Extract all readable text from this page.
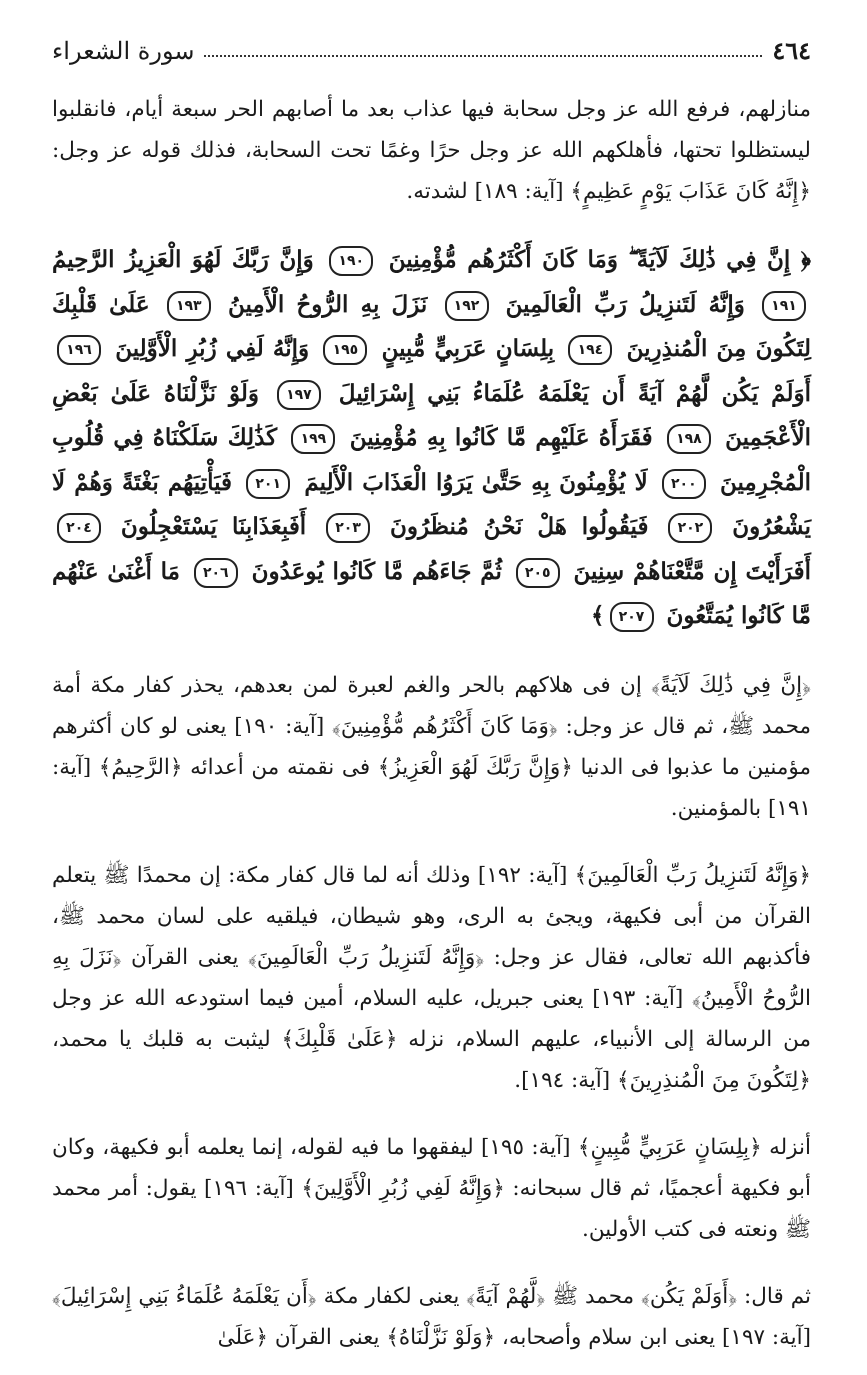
٤٦٤
سورة الشعراء

منازلهم، فرفع الله عز وجل سحابة فيها عذاب بعد ما أصابهم الحر سبعة أيام، فانقلبوا ليستظلوا تحتها، فأهلكهم الله عز وجل حرًا وغمًا تحت السحابة، فذلك قوله عز وجل: ﴿إِنَّهُ كَانَ عَذَابَ يَوْمٍ عَظِيمٍ﴾ [آية: ١٨٩] لشدته.

﴿ إِنَّ فِي ذَٰلِكَ لَآيَةً ۖ وَمَا كَانَ أَكْثَرُهُم مُّؤْمِنِينَ ١٩٠ وَإِنَّ رَبَّكَ لَهُوَ الْعَزِيزُ الرَّحِيمُ ١٩١ وَإِنَّهُ لَتَنزِيلُ رَبِّ الْعَالَمِينَ ١٩٢ نَزَلَ بِهِ الرُّوحُ الْأَمِينُ ١٩٣ عَلَىٰ قَلْبِكَ لِتَكُونَ مِنَ الْمُنذِرِينَ ١٩٤ بِلِسَانٍ عَرَبِيٍّ مُّبِينٍ ١٩٥ وَإِنَّهُ لَفِي زُبُرِ الْأَوَّلِينَ ١٩٦ أَوَلَمْ يَكُن لَّهُمْ آيَةً أَن يَعْلَمَهُ عُلَمَاءُ بَنِي إِسْرَائِيلَ ١٩٧ وَلَوْ نَزَّلْنَاهُ عَلَىٰ بَعْضِ الْأَعْجَمِينَ ١٩٨ فَقَرَأَهُ عَلَيْهِم مَّا كَانُوا بِهِ مُؤْمِنِينَ ١٩٩ كَذَٰلِكَ سَلَكْنَاهُ فِي قُلُوبِ الْمُجْرِمِينَ ٢٠٠ لَا يُؤْمِنُونَ بِهِ حَتَّىٰ يَرَوُا الْعَذَابَ الْأَلِيمَ ٢٠١ فَيَأْتِيَهُم بَغْتَةً وَهُمْ لَا يَشْعُرُونَ ٢٠٢ فَيَقُولُوا هَلْ نَحْنُ مُنظَرُونَ ٢٠٣ أَفَبِعَذَابِنَا يَسْتَعْجِلُونَ ٢٠٤ أَفَرَأَيْتَ إِن مَّتَّعْنَاهُمْ سِنِينَ ٢٠٥ ثُمَّ جَاءَهُم مَّا كَانُوا يُوعَدُونَ ٢٠٦ مَا أَغْنَىٰ عَنْهُم مَّا كَانُوا يُمَتَّعُونَ ٢٠٧﴾

﴿إِنَّ فِي ذَٰلِكَ لَآيَةً﴾ إن فى هلاكهم بالحر والغم لعبرة لمن بعدهم، يحذر كفار مكة أمة محمد ﷺ، ثم قال عز وجل: ﴿وَمَا كَانَ أَكْثَرُهُم مُّؤْمِنِينَ﴾ [آية: ١٩٠] يعنى لو كان أكثرهم مؤمنين ما عذبوا فى الدنيا ﴿وَإِنَّ رَبَّكَ لَهُوَ الْعَزِيزُ﴾ فى نقمته من أعدائه ﴿الرَّحِيمُ﴾ [آية: ١٩١] بالمؤمنين.

﴿وَإِنَّهُ لَتَنزِيلُ رَبِّ الْعَالَمِينَ﴾ [آية: ١٩٢] وذلك أنه لما قال كفار مكة: إن محمدًا ﷺ يتعلم القرآن من أبى فكيهة، ويجئ به الرى، وهو شيطان، فيلقيه على لسان محمد ﷺ، فأكذبهم الله تعالى، فقال عز وجل: ﴿وَإِنَّهُ لَتَنزِيلُ رَبِّ الْعَالَمِينَ﴾ يعنى القرآن ﴿نَزَلَ بِهِ الرُّوحُ الْأَمِينُ﴾ [آية: ١٩٣] يعنى جبريل، عليه السلام، أمين فيما استودعه الله عز وجل من الرسالة إلى الأنبياء، عليهم السلام، نزله ﴿عَلَىٰ قَلْبِكَ﴾ ليثبت به قلبك يا محمد، ﴿لِتَكُونَ مِنَ الْمُنذِرِينَ﴾ [آية: ١٩٤].

أنزله ﴿بِلِسَانٍ عَرَبِيٍّ مُّبِينٍ﴾ [آية: ١٩٥] ليفقهوا ما فيه لقوله، إنما يعلمه أبو فكيهة، وكان أبو فكيهة أعجميًا، ثم قال سبحانه: ﴿وَإِنَّهُ لَفِي زُبُرِ الْأَوَّلِينَ﴾ [آية: ١٩٦] يقول: أمر محمد ﷺ ونعته فى كتب الأولين.

ثم قال: ﴿أَوَلَمْ يَكُن﴾ محمد ﷺ ﴿لَّهُمْ آيَةً﴾ يعنى لكفار مكة ﴿أَن يَعْلَمَهُ عُلَمَاءُ بَنِي إِسْرَائِيلَ﴾ [آية: ١٩٧] يعنى ابن سلام وأصحابه، ﴿وَلَوْ نَزَّلْنَاهُ﴾ يعنى القرآن ﴿عَلَىٰ
